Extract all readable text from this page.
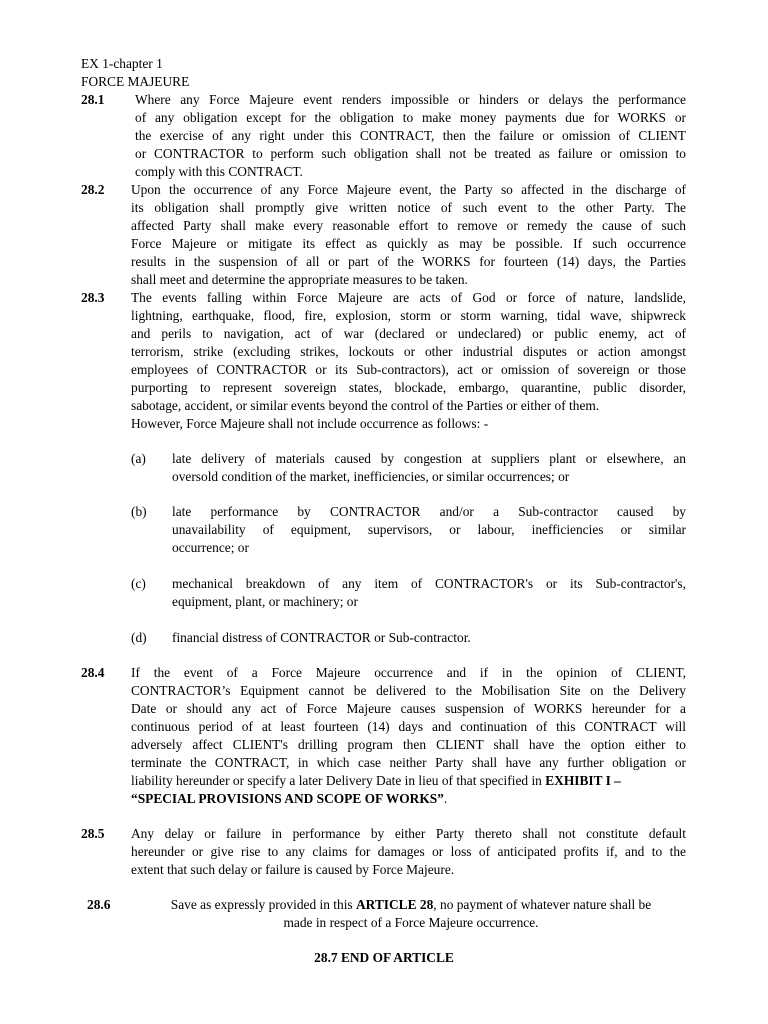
EX 1-chapter 1
FORCE MAJEURE
28.1 Where any Force Majeure event renders impossible or hinders or delays the performance
of any obligation except for the obligation to make money payments due for WORKS or
the exercise of any right under this CONTRACT, then the failure or omission of CLIENT
or CONTRACTOR to perform such obligation shall not be treated as failure or omission to
comply with this CONTRACT.
28.2 Upon the occurrence of any Force Majeure event, the Party so affected in the discharge of
its obligation shall promptly give written notice of such event to the other Party. The
affected Party shall make every reasonable effort to remove or remedy the cause of such
Force Majeure or mitigate its effect as quickly as may be possible. If such occurrence
results in the suspension of all or part of the WORKS for fourteen (14) days, the Parties
shall meet and determine the appropriate measures to be taken.
28.3 The events falling within Force Majeure are acts of God or force of nature, landslide,
lightning, earthquake, flood, fire, explosion, storm or storm warning, tidal wave, shipwreck
and perils to navigation, act of war (declared or undeclared) or public enemy, act of
terrorism, strike (excluding strikes, lockouts or other industrial disputes or action amongst
employees of CONTRACTOR or its Sub-contractors), act or omission of sovereign or those
purporting to represent sovereign states, blockade, embargo, quarantine, public disorder,
sabotage, accident, or similar events beyond the control of the Parties or either of them.
However, Force Majeure shall not include occurrence as follows: -
(a) late delivery of materials caused by congestion at suppliers plant or elsewhere, an
oversold condition of the market, inefficiencies, or similar occurrences; or
(b) late performance by CONTRACTOR and/or a Sub-contractor caused by
unavailability of equipment, supervisors, or labour, inefficiencies or similar
occurrence; or
(c) mechanical breakdown of any item of CONTRACTOR's or its Sub-contractor's,
equipment, plant, or machinery; or
(d) financial distress of CONTRACTOR or Sub-contractor.
28.4 If the event of a Force Majeure occurrence and if in the opinion of CLIENT,
CONTRACTOR’s Equipment cannot be delivered to the Mobilisation Site on the Delivery
Date or should any act of Force Majeure causes suspension of WORKS hereunder for a
continuous period of at least fourteen (14) days and continuation of this CONTRACT will
adversely affect CLIENT's drilling program then CLIENT shall have the option either to
terminate the CONTRACT, in which case neither Party shall have any further obligation or
liability hereunder or specify a later Delivery Date in lieu of that specified in EXHIBIT I –
“SPECIAL PROVISIONS AND SCOPE OF WORKS”.
28.5 Any delay or failure in performance by either Party thereto shall not constitute default
hereunder or give rise to any claims for damages or loss of anticipated profits if, and to the
extent that such delay or failure is caused by Force Majeure.
28.6	Save as expressly provided in this ARTICLE 28, no payment of whatever nature shall be
made in respect of a Force Majeure occurrence.
28.7 END OF ARTICLE
